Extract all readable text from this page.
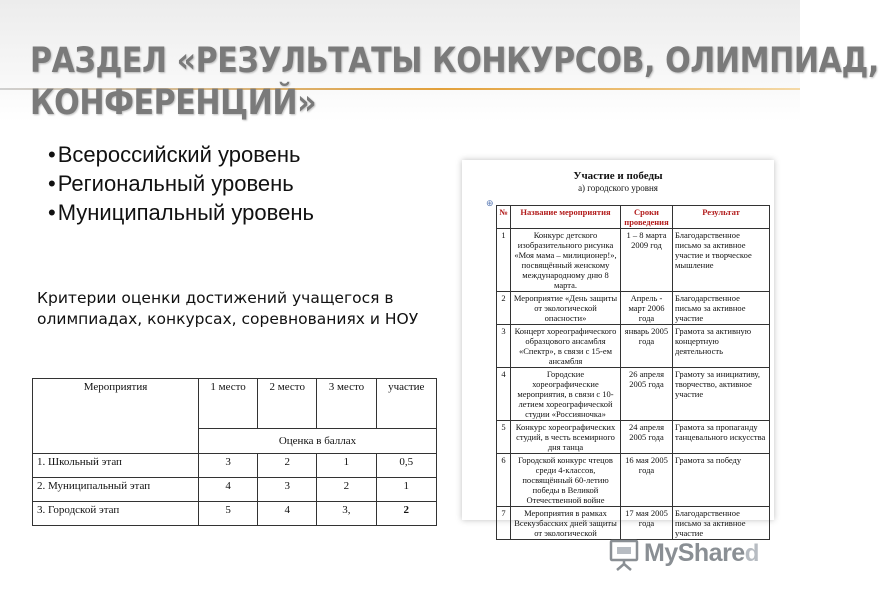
РАЗДЕЛ «РЕЗУЛЬТАТЫ КОНКУРСОВ, ОЛИМПИАД,
КОНФЕРЕНЦИЙ»
•Всероссийский уровень
•Региональный уровень
•Муниципальный уровень

Критерии оценки достижений учащегося в олимпиадах, конкурсах, соревнованиях и НОУ

Мероприятия	1 место	2 место	3 место	участие
	Оценка в баллах			
1. Школьный этап	3	2	1	0,5
2. Муниципальный этап	4	3	2	1
3. Городской этап	5	4	3,	2
Участие и победы
а) городского уровня
⊕
№	Название мероприятия	Сроки проведения	Результат
1	Конкурс детского изобразительного рисунка «Моя мама – милиционер!», посвящённый женскому международному дню 8 марта.	1 – 8 марта 2009 год	Благодарственное письмо за активное участие и творческое мышление
2	Мероприятие «День защиты от экологической опасности»	Апрель - март 2006 года	Благодарственное письмо за активное участие
3	Концерт хореографического образцового ансамбля «Спектр», в связи с 15-ем ансамбля	январь 2005 года	Грамота за активную концертную деятельность
4	Городские хореографические мероприятия, в связи с 10-летием хореографической студии «Россияночка»	26 апреля 2005 года	Грамоту за инициативу, творчество, активное участие
5	Конкурс хореографических студий, в честь всемирного дня танца	24 апреля 2005 года	Грамота за пропаганду танцевального искусства
6	Городской конкурс чтецов среди 4-классов, посвящённый 60-летию победы в Великой Отечественной войне	16 мая 2005 года	Грамота за победу
7	Мероприятия в рамках Всекузбасских дней защиты от экологической	17 мая 2005 года	Благодарственное письмо за активное участие
MyShared
